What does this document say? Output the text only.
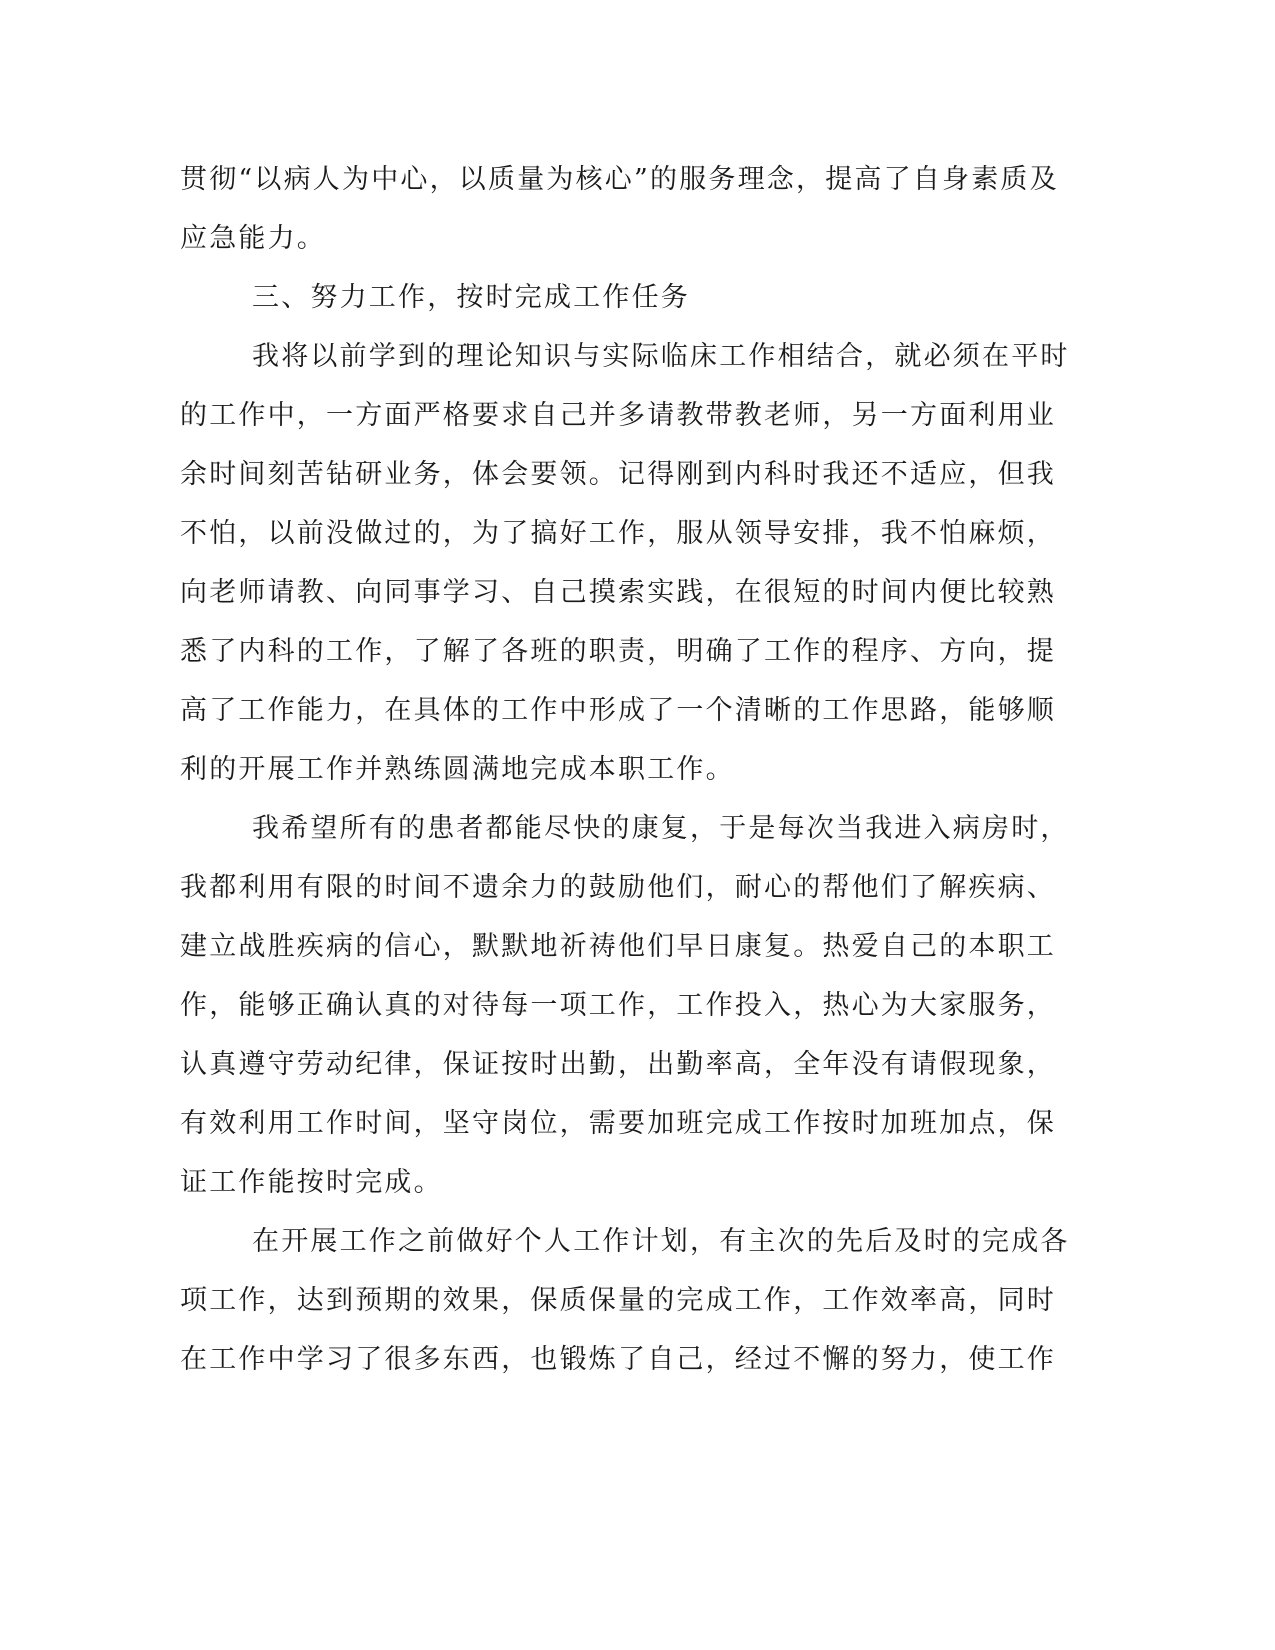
贯彻“以病人为中心，以质量为核心”的服务理念，提高了自身素质及
应急能力。
三、努力工作，按时完成工作任务
我将以前学到的理论知识与实际临床工作相结合，就必须在平时
的工作中，一方面严格要求自己并多请教带教老师，另一方面利用业
余时间刻苦钻研业务，体会要领。记得刚到内科时我还不适应，但我
不怕，以前没做过的，为了搞好工作，服从领导安排，我不怕麻烦，
向老师请教、向同事学习、自己摸索实践，在很短的时间内便比较熟
悉了内科的工作，了解了各班的职责，明确了工作的程序、方向，提
高了工作能力，在具体的工作中形成了一个清晰的工作思路，能够顺
利的开展工作并熟练圆满地完成本职工作。
我希望所有的患者都能尽快的康复，于是每次当我进入病房时，
我都利用有限的时间不遗余力的鼓励他们，耐心的帮他们了解疾病、
建立战胜疾病的信心，默默地祈祷他们早日康复。热爱自己的本职工
作，能够正确认真的对待每一项工作，工作投入，热心为大家服务，
认真遵守劳动纪律，保证按时出勤，出勤率高，全年没有请假现象，
有效利用工作时间，坚守岗位，需要加班完成工作按时加班加点，保
证工作能按时完成。
在开展工作之前做好个人工作计划，有主次的先后及时的完成各
项工作，达到预期的效果，保质保量的完成工作，工作效率高，同时
在工作中学习了很多东西，也锻炼了自己，经过不懈的努力，使工作
